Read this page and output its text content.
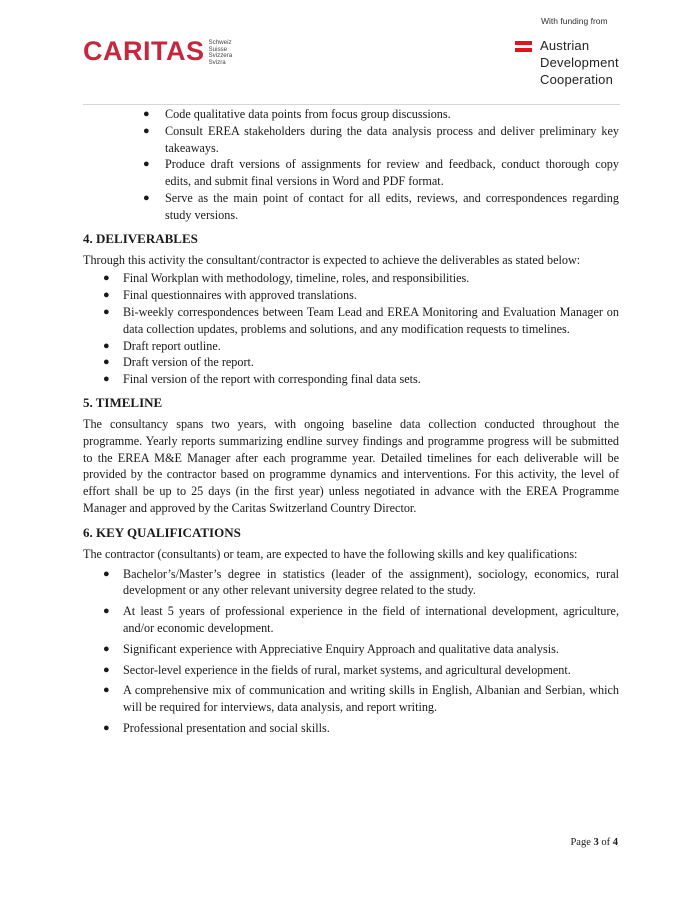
CARITAS Schweiz
Suisse
Svizzera
Svizra
With funding from
Austrian
Development
Cooperation
● Code qualitative data points from focus group discussions.
● Consult EREA stakeholders during the data analysis process and deliver preliminary key takeaways.
● Produce draft versions of assignments for review and feedback, conduct thorough copy edits, and submit final versions in Word and PDF format.
● Serve as the main point of contact for all edits, reviews, and correspondences regarding study versions.
4. DELIVERABLES

Through this activity the consultant/contractor is expected to achieve the deliverables as stated below:

● Final Workplan with methodology, timeline, roles, and responsibilities.
● Final questionnaires with approved translations.
● Bi-weekly correspondences between Team Lead and EREA Monitoring and Evaluation Manager on data collection updates, problems and solutions, and any modification requests to timelines.
● Draft report outline.
● Draft version of the report.
● Final version of the report with corresponding final data sets.
5. TIMELINE

The consultancy spans two years, with ongoing baseline data collection conducted throughout the programme. Yearly reports summarizing endline survey findings and programme progress will be submitted to the EREA M&E Manager after each programme year. Detailed timelines for each deliverable will be provided by the contractor based on programme dynamics and interventions. For this activity, the level of effort shall be up to 25 days (in the first year) unless negotiated in advance with the EREA Programme Manager and approved by the Caritas Switzerland Country Director.

6. KEY QUALIFICATIONS

The contractor (consultants) or team, are expected to have the following skills and key qualifications:

● Bachelor’s/Master’s degree in statistics (leader of the assignment), sociology, economics, rural development or any other relevant university degree related to the study.
● At least 5 years of professional experience in the field of international development, agriculture, and/or economic development.
● Significant experience with Appreciative Enquiry Approach and qualitative data analysis.
● Sector-level experience in the fields of rural, market systems, and agricultural development.
● A comprehensive mix of communication and writing skills in English, Albanian and Serbian, which will be required for interviews, data analysis, and report writing.
● Professional presentation and social skills.
Page 3 of 4
